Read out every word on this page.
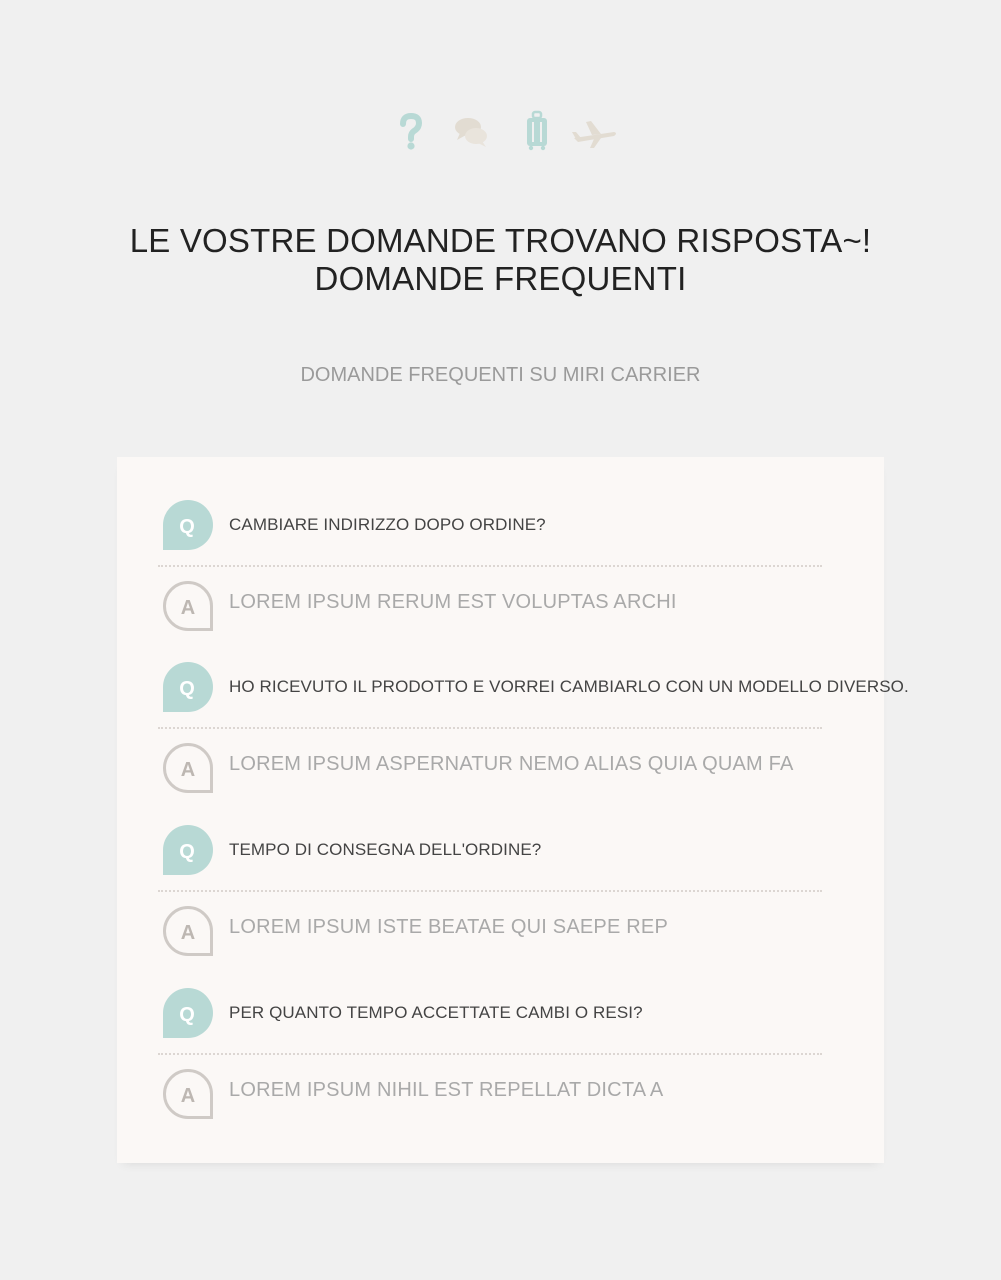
LE VOSTRE DOMANDE TROVANO RISPOSTA~!
DOMANDE FREQUENTI
DOMANDE FREQUENTI SU MIRI CARRIER
Q CAMBIARE INDIRIZZO DOPO ORDINE?
A LOREM IPSUM RERUM EST VOLUPTAS ARCHI
Q HO RICEVUTO IL PRODOTTO E VORREI CAMBIARLO CON UN MODELLO DIVERSO.
A LOREM IPSUM ASPERNATUR NEMO ALIAS QUIA QUAM FA
Q TEMPO DI CONSEGNA DELL'ORDINE?
A LOREM IPSUM ISTE BEATAE QUI SAEPE REP
Q PER QUANTO TEMPO ACCETTATE CAMBI O RESI?
A LOREM IPSUM NIHIL EST REPELLAT DICTA A
